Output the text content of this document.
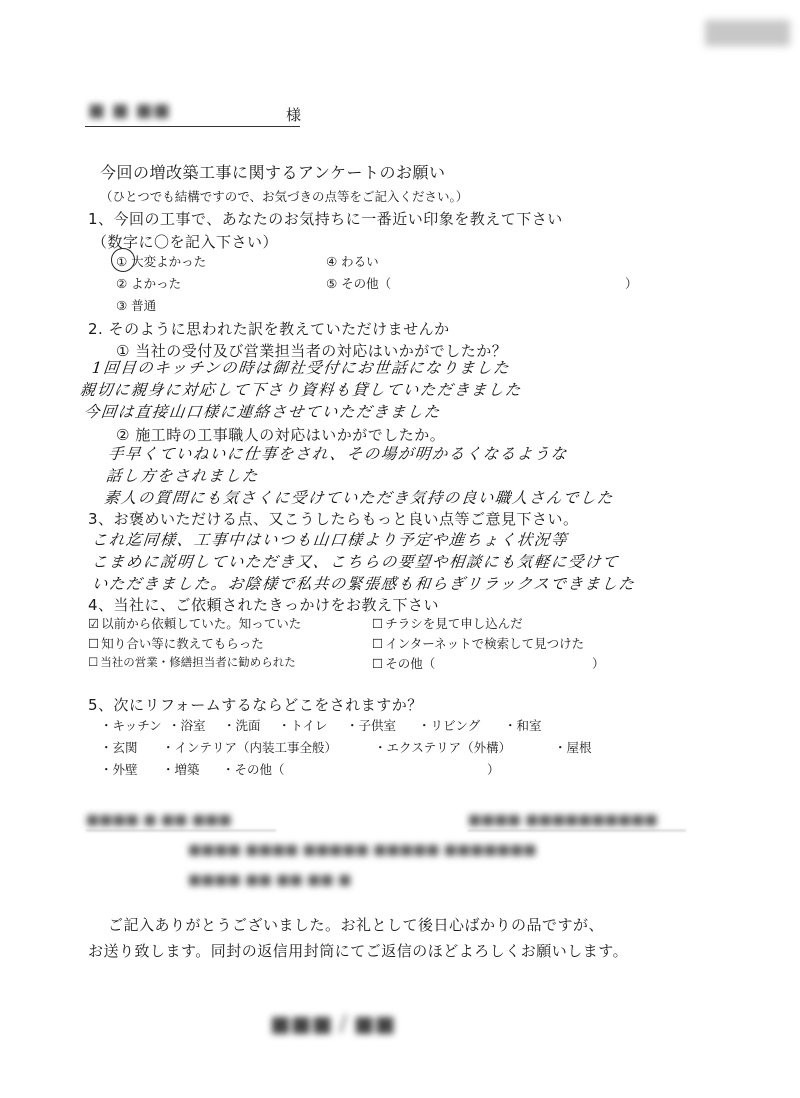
■ ■ ■■	様
今回の増改築工事に関するアンケートのお願い
（ひとつでも結構ですので、お気づきの点等をご記入ください。）
1、今回の工事で、あなたのお気持ちに一番近い印象を教えて下さい
（数字に〇を記入下さい）
① 大変よかった	④ わるい
② よかった	⑤ その他（	）
③ 普通
2. そのように思われた訳を教えていただけませんか
① 当社の受付及び営業担当者の対応はいかがでしたか？
1回目のキッチンの時は御社受付にお世話になりました
親切に親身に対応して下さり資料も貸していただきました
今回は直接山口様に連絡させていただきました
② 施工時の工事職人の対応はいかがでしたか。
手早くていねいに仕事をされ、その場が明かるくなるような
話し方をされました
素人の質問にも気さくに受けていただき気持の良い職人さんでした
3、お褒めいただける点、又こうしたらもっと良い点等ご意見下さい。
これ迄同様、工事中はいつも山口様より予定や進ちょく状況等
こまめに説明していただき又、こちらの要望や相談にも気軽に受けて
いただきました。お陰様で私共の緊張感も和らぎリラックスできました
4、当社に、ご依頼されたきっかけをお教え下さい
☑ 以前から依頼していた。知っていた	☐ チラシを見て申し込んだ
☐ 知り合い等に教えてもらった	☐ インターネットで検索して見つけた
☐ 当社の営業・修繕担当者に勧められた	☐ その他（	）
5、次にリフォームするならどこをされますか？
・キッチン ・浴室 ・洗面 ・トイレ ・子供室 ・リビング ・和室
・玄関 ・インテリア（内装工事全般）	・エクステリア（外構）	・屋根
・外壁 ・増築 ・その他（	）
■■■■ ■ ■■ ■■■	■■■■ ■■■■■■■■■■
■■■■ ■■■■ ■■■■■ ■■■■■ ■■■■■■■
■■■■ ■■ ■■ ■■ ■
ご記入ありがとうございました。お礼として後日心ばかりの品ですが、
お送り致します。同封の返信用封筒にてご返信のほどよろしくお願いします。
■■■ / ■■
